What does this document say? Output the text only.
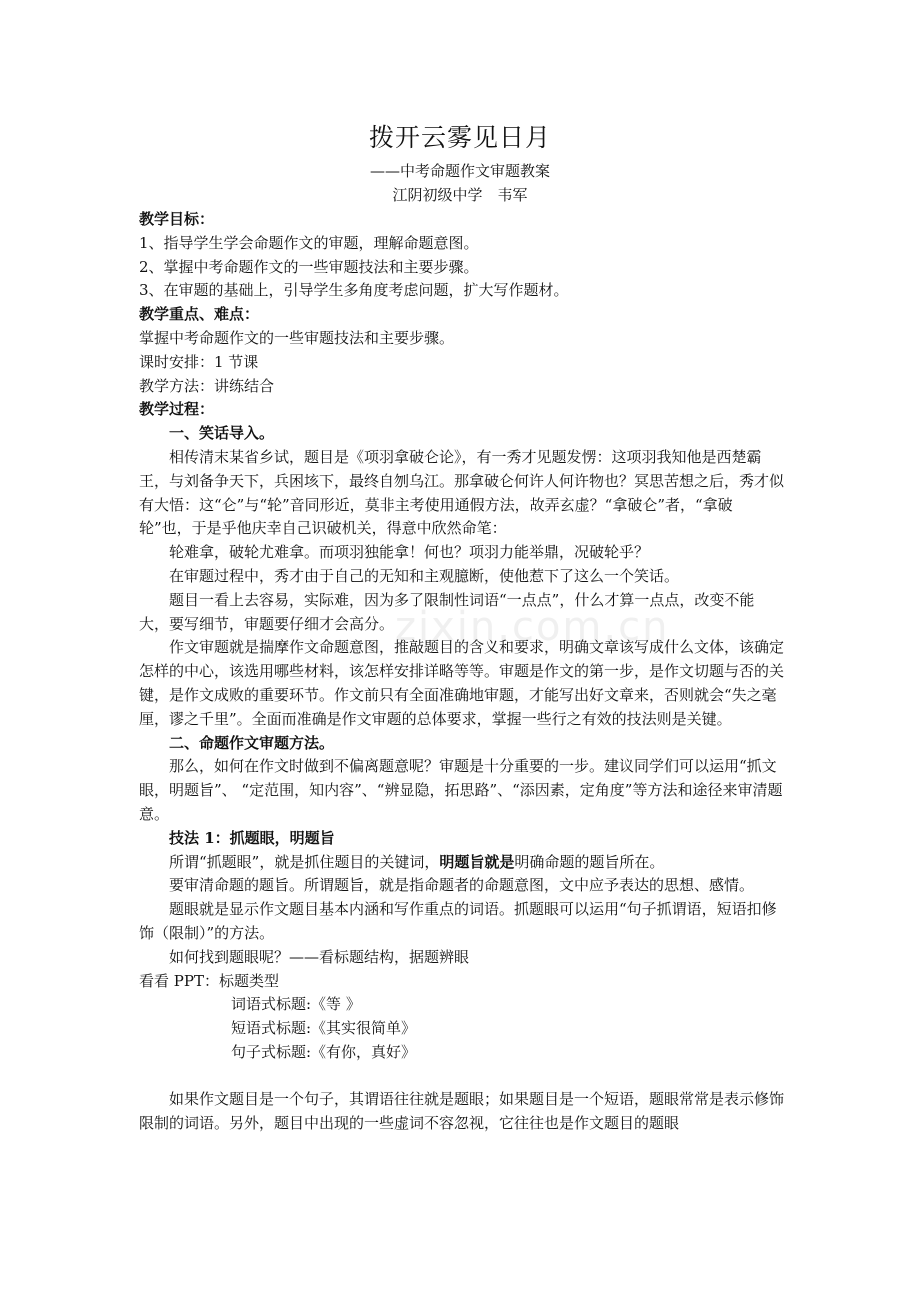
zixin.com.cn
拨开云雾见日月
——中考命题作文审题教案
江阴初级中学　韦军

教学目标：

1、指导学生学会命题作文的审题，理解命题意图。

2、掌握中考命题作文的一些审题技法和主要步骤。

3、在审题的基础上，引导学生多角度考虑问题，扩大写作题材。

教学重点、难点：

掌握中考命题作文的一些审题技法和主要步骤。

课时安排：1 节课

教学方法：讲练结合

教学过程：

一、笑话导入。

相传清末某省乡试，题目是《项羽拿破仑论》，有一秀才见题发愣：这项羽我知他是西楚霸王，与刘备争天下，兵困垓下，最终自刎乌江。那拿破仑何许人何许物也？冥思苦想之后，秀才似有大悟：这“仑”与“轮”音同形近，莫非主考使用通假方法，故弄玄虚？“拿破仑”者，“拿破轮”也，于是乎他庆幸自己识破机关，得意中欣然命笔：

轮难拿，破轮尤难拿。而项羽独能拿！何也？项羽力能举鼎，况破轮乎？

在审题过程中，秀才由于自己的无知和主观臆断，使他惹下了这么一个笑话。

题目一看上去容易，实际难，因为多了限制性词语“一点点”，什么才算一点点，改变不能大，要写细节，审题要仔细才会高分。

作文审题就是揣摩作文命题意图，推敲题目的含义和要求，明确文章该写成什么文体，该确定怎样的中心，该选用哪些材料，该怎样安排详略等等。审题是作文的第一步，是作文切题与否的关键，是作文成败的重要环节。作文前只有全面准确地审题，才能写出好文章来，否则就会“失之毫厘，谬之千里”。全面而准确是作文审题的总体要求，掌握一些行之有效的技法则是关键。

二、命题作文审题方法。

那么，如何在作文时做到不偏离题意呢？审题是十分重要的一步。建议同学们可以运用“抓文眼，明题旨”、 “定范围，知内容”、“辨显隐，拓思路”、“添因素，定角度”等方法和途径来审清题意。

技法 1：抓题眼，明题旨

所谓“抓题眼”，就是抓住题目的关键词，明题旨就是明确命题的题旨所在。

要审清命题的题旨。所谓题旨，就是指命题者的命题意图，文中应予表达的思想、感情。

题眼就是显示作文题目基本内涵和写作重点的词语。抓题眼可以运用“句子抓谓语，短语扣修饰（限制）”的方法。

如何找到题眼呢？——看标题结构，据题辨眼

看看 PPT：标题类型

词语式标题:《等 》

短语式标题:《其实很简单》

句子式标题:《有你，真好》

如果作文题目是一个句子，其谓语往往就是题眼；如果题目是一个短语，题眼常常是表示修饰限制的词语。另外，题目中出现的一些虚词不容忽视，它往往也是作文题目的题眼
